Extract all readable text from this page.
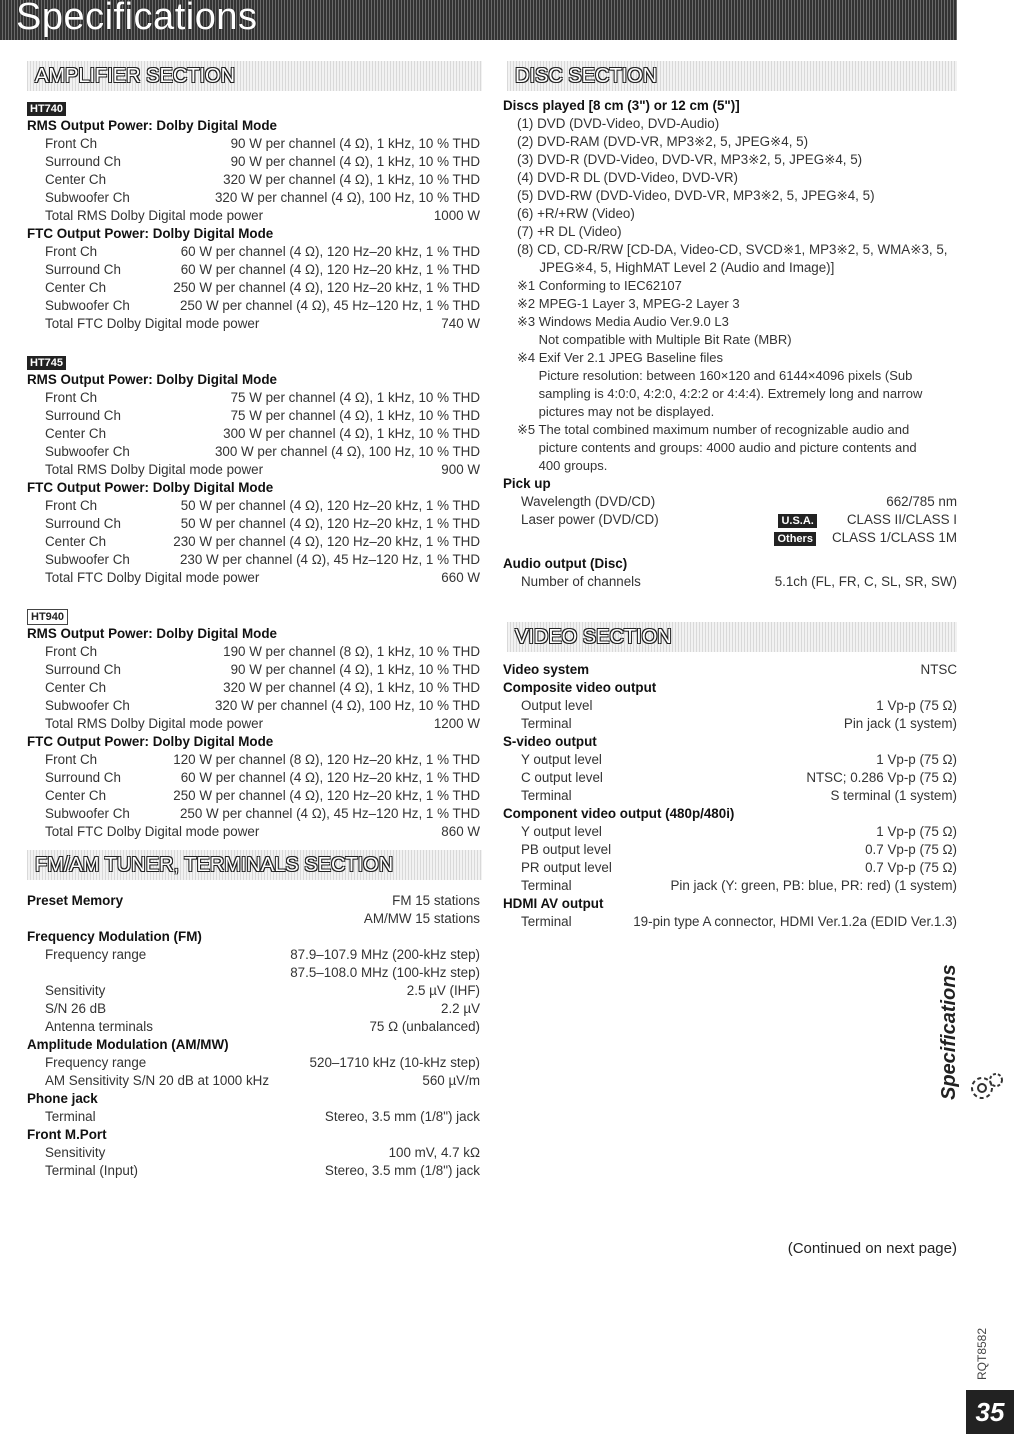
Specifications
AMPLIFIER SECTION	DISC SECTION
VIDEO SECTION
FM/AM TUNER, TERMINALS SECTION
HT740
RMS Output Power: Dolby Digital Mode
Front Ch	90 W per channel (4 Ω), 1 kHz, 10 % THD
Surround Ch	90 W per channel (4 Ω), 1 kHz, 10 % THD
Center Ch	320 W per channel (4 Ω), 1 kHz, 10 % THD
Subwoofer Ch	320 W per channel (4 Ω), 100 Hz, 10 % THD
Total RMS Dolby Digital mode power	1000 W
FTC Output Power: Dolby Digital Mode
Front Ch	60 W per channel (4 Ω), 120 Hz–20 kHz, 1 % THD
Surround Ch	60 W per channel (4 Ω), 120 Hz–20 kHz, 1 % THD
Center Ch	250 W per channel (4 Ω), 120 Hz–20 kHz, 1 % THD
Subwoofer Ch	250 W per channel (4 Ω), 45 Hz–120 Hz, 1 % THD
Total FTC Dolby Digital mode power	740 W
HT745
RMS Output Power: Dolby Digital Mode
Front Ch	75 W per channel (4 Ω), 1 kHz, 10 % THD
Surround Ch	75 W per channel (4 Ω), 1 kHz, 10 % THD
Center Ch	300 W per channel (4 Ω), 1 kHz, 10 % THD
Subwoofer Ch	300 W per channel (4 Ω), 100 Hz, 10 % THD
Total RMS Dolby Digital mode power	900 W
FTC Output Power: Dolby Digital Mode
Front Ch	50 W per channel (4 Ω), 120 Hz–20 kHz, 1 % THD
Surround Ch	50 W per channel (4 Ω), 120 Hz–20 kHz, 1 % THD
Center Ch	230 W per channel (4 Ω), 120 Hz–20 kHz, 1 % THD
Subwoofer Ch	230 W per channel (4 Ω), 45 Hz–120 Hz, 1 % THD
Total FTC Dolby Digital mode power	660 W
HT940
RMS Output Power: Dolby Digital Mode
Front Ch	190 W per channel (8 Ω), 1 kHz, 10 % THD
Surround Ch	90 W per channel (4 Ω), 1 kHz, 10 % THD
Center Ch	320 W per channel (4 Ω), 1 kHz, 10 % THD
Subwoofer Ch	320 W per channel (4 Ω), 100 Hz, 10 % THD
Total RMS Dolby Digital mode power	1200 W
FTC Output Power: Dolby Digital Mode
Front Ch	120 W per channel (8 Ω), 120 Hz–20 kHz, 1 % THD
Surround Ch	60 W per channel (4 Ω), 120 Hz–20 kHz, 1 % THD
Center Ch	250 W per channel (4 Ω), 120 Hz–20 kHz, 1 % THD
Subwoofer Ch	250 W per channel (4 Ω), 45 Hz–120 Hz, 1 % THD
Total FTC Dolby Digital mode power	860 W
Preset Memory	FM 15 stations
AM/MW 15 stations
Frequency Modulation (FM)
Frequency range	87.9–107.9 MHz (200-kHz step)
87.5–108.0 MHz (100-kHz step)
Sensitivity	2.5 µV (IHF)
S/N 26 dB	2.2 µV
Antenna terminals	75 Ω (unbalanced)
Amplitude Modulation (AM/MW)
Frequency range	520–1710 kHz (10-kHz step)
AM Sensitivity S/N 20 dB at 1000 kHz	560 µV/m
Phone jack
Terminal	Stereo, 3.5 mm (1/8") jack
Front M.Port
Sensitivity	100 mV, 4.7 kΩ
Terminal (Input)	Stereo, 3.5 mm (1/8") jack
Discs played [8 cm (3") or 12 cm (5")]
(1) DVD (DVD-Video, DVD-Audio)
(2) DVD-RAM (DVD-VR, MP3※2, 5, JPEG※4, 5)
(3) DVD-R (DVD-Video, DVD-VR, MP3※2, 5, JPEG※4, 5)
(4) DVD-R DL (DVD-Video, DVD-VR)
(5) DVD-RW (DVD-Video, DVD-VR, MP3※2, 5, JPEG※4, 5)
(6) +R/+RW (Video)
(7) +R DL (Video)
(8) CD, CD-R/RW [CD-DA, Video-CD, SVCD※1, MP3※2, 5, WMA※3, 5,
JPEG※4, 5, HighMAT Level 2 (Audio and Image)]
※1 Conforming to IEC62107
※2 MPEG-1 Layer 3, MPEG-2 Layer 3
※3 Windows Media Audio Ver.9.0 L3
Not compatible with Multiple Bit Rate (MBR)
※4 Exif Ver 2.1 JPEG Baseline files
Picture resolution: between 160×120 and 6144×4096 pixels (Sub
sampling is 4:0:0, 4:2:0, 4:2:2 or 4:4:4). Extremely long and narrow
pictures may not be displayed.
※5 The total combined maximum number of recognizable audio and
picture contents and groups: 4000 audio and picture contents and
400 groups.
Pick up
Wavelength (DVD/CD)	662/785 nm
Laser power (DVD/CD)	U.S.A. CLASS II/CLASS I
Others CLASS 1/CLASS 1M
Audio output (Disc)
Number of channels	5.1ch (FL, FR, C, SL, SR, SW)
Video system	NTSC
Composite video output
Output level	1 Vp-p (75 Ω)
Terminal	Pin jack (1 system)
S-video output
Y output level	1 Vp-p (75 Ω)
C output level	NTSC; 0.286 Vp-p (75 Ω)
Terminal	S terminal (1 system)
Component video output (480p/480i)
Y output level	1 Vp-p (75 Ω)
PB output level	0.7 Vp-p (75 Ω)
PR output level	0.7 Vp-p (75 Ω)
Terminal	Pin jack (Y: green, PB: blue, PR: red) (1 system)
HDMI AV output
Terminal	19-pin type A connector, HDMI Ver.1.2a (EDID Ver.1.3)
Specifications
(Continued on next page)
RQT8582
35
